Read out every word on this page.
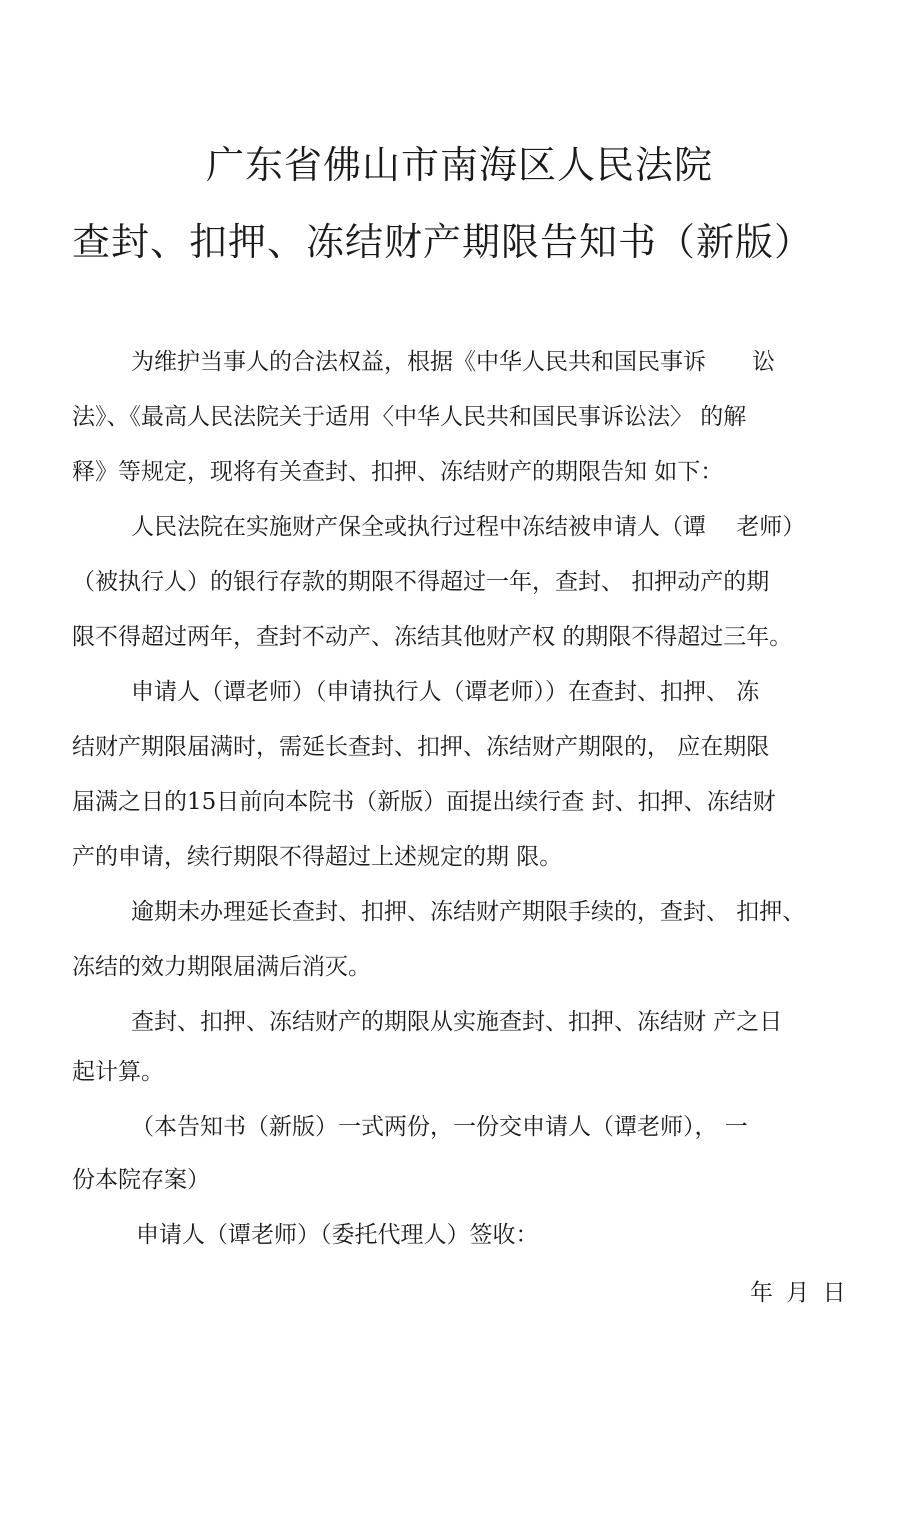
广东省佛山市南海区人民法院
查封、扣押、冻结财产期限告知书（新版）

为维护当事人的合法权益，根据《中华人民共和国民事诉　　讼

法》、《最高人民法院关于适用〈中华人民共和国民事诉讼法〉 的解

释》等规定，现将有关查封、扣押、冻结财产的期限告知 如下：

人民法院在实施财产保全或执行过程中冻结被申请人（谭　 老师）

（被执行人）的银行存款的期限不得超过一年，查封、 扣押动产的期

限不得超过两年，查封不动产、冻结其他财产权 的期限不得超过三年。

申请人（谭老师）（申请执行人（谭老师））在查封、扣押、 冻

结财产期限届满时，需延长查封、扣押、冻结财产期限的， 应在期限

届满之日的15日前向本院书（新版）面提出续行查 封、扣押、冻结财

产的申请，续行期限不得超过上述规定的期 限。

逾期未办理延长查封、扣押、冻结财产期限手续的，查封、 扣押、

冻结的效力期限届满后消灭。

查封、扣押、冻结财产的期限从实施查封、扣押、冻结财 产之日

起计算。

（本告知书（新版）一式两份，一份交申请人（谭老师）， 一

份本院存案）

申请人（谭老师）（委托代理人）签收：

年 月 日
